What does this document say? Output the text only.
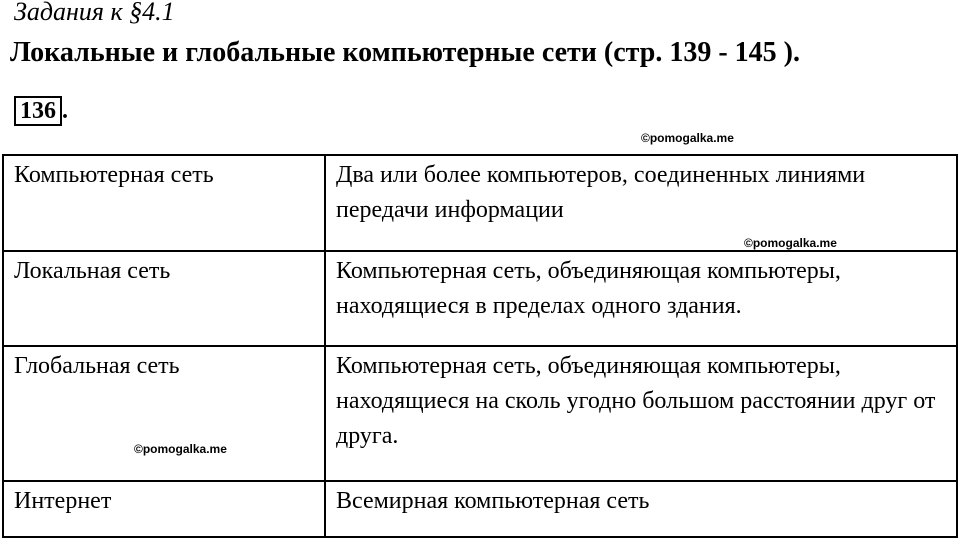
Задания к §4.1
Локальные и глобальные компьютерные сети (стр. 139 - 145 ).
136 .
©pomogalka.me
Компьютерная сеть	Два или более компьютеров, соединенных линиями передачи информации
Локальная сеть	Компьютерная сеть, объединяющая компьютеры, находящиеся в пределах одного здания.
Глобальная сеть	Компьютерная сеть, объединяющая компьютеры, находящиеся на сколь угодно большом расстоянии друг от друга.
Интернет	Всемирная компьютерная сеть
©pomogalka.me
©pomogalka.me
